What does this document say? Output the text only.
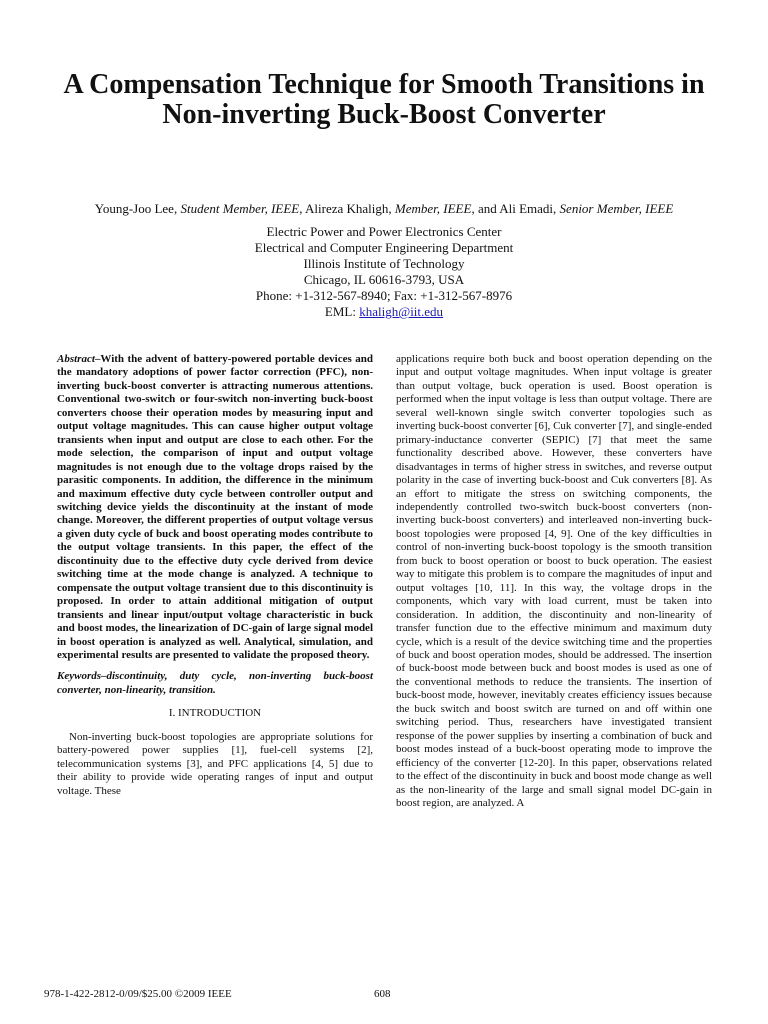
A Compensation Technique for Smooth Transitions in Non-inverting Buck-Boost Converter
Young-Joo Lee, Student Member, IEEE, Alireza Khaligh, Member, IEEE, and Ali Emadi, Senior Member, IEEE
Electric Power and Power Electronics Center
Electrical and Computer Engineering Department
Illinois Institute of Technology
Chicago, IL 60616-3793, USA
Phone: +1-312-567-8940; Fax: +1-312-567-8976
EML: khaligh@iit.edu

Abstract–With the advent of battery-powered portable devices and the mandatory adoptions of power factor correction (PFC), non-inverting buck-boost converter is attracting numerous attentions. Conventional two-switch or four-switch non-inverting buck-boost converters choose their operation modes by measuring input and output voltage magnitudes. This can cause higher output voltage transients when input and output are close to each other. For the mode selection, the comparison of input and output voltage magnitudes is not enough due to the voltage drops raised by the parasitic components. In addition, the difference in the minimum and maximum effective duty cycle between controller output and switching device yields the discontinuity at the instant of mode change. Moreover, the different properties of output voltage versus a given duty cycle of buck and boost operating modes contribute to the output voltage transients. In this paper, the effect of the discontinuity due to the effective duty cycle derived from device switching time at the mode change is analyzed. A technique to compensate the output voltage transient due to this discontinuity is proposed. In order to attain additional mitigation of output transients and linear input/output voltage characteristic in buck and boost modes, the linearization of DC-gain of large signal model in boost operation is analyzed as well. Analytical, simulation, and experimental results are presented to validate the proposed theory.

Keywords–discontinuity, duty cycle, non-inverting buck-boost converter, non-linearity, transition.

I. INTRODUCTION

Non-inverting buck-boost topologies are appropriate solutions for battery-powered power supplies [1], fuel-cell systems [2], telecommunication systems [3], and PFC applications [4, 5] due to their ability to provide wide operating ranges of input and output voltage. These

applications require both buck and boost operation depending on the input and output voltage magnitudes. When input voltage is greater than output voltage, buck operation is used. Boost operation is performed when the input voltage is less than output voltage. There are several well-known single switch converter topologies such as inverting buck-boost converter [6], Cuk converter [7], and single-ended primary-inductance converter (SEPIC) [7] that meet the same functionality described above. However, these converters have disadvantages in terms of higher stress in switches, and reverse output polarity in the case of inverting buck-boost and Cuk converters [8]. As an effort to mitigate the stress on switching components, the independently controlled two-switch buck-boost converters (non-inverting buck-boost converters) and interleaved non-inverting buck-boost topologies were proposed [4, 9]. One of the key difficulties in control of non-inverting buck-boost topology is the smooth transition from buck to boost operation or boost to buck operation. The easiest way to mitigate this problem is to compare the magnitudes of input and output voltages [10, 11]. In this way, the voltage drops in the components, which vary with load current, must be taken into consideration. In addition, the discontinuity and non-linearity of transfer function due to the effective minimum and maximum duty cycle, which is a result of the device switching time and the properties of buck and boost operation modes, should be addressed. The insertion of buck-boost mode between buck and boost modes is used as one of the conventional methods to reduce the transients. The insertion of buck-boost mode, however, inevitably creates efficiency issues because the buck switch and boost switch are turned on and off within one switching period. Thus, researchers have investigated transient response of the power supplies by inserting a combination of buck and boost modes instead of a buck-boost operating mode to improve the efficiency of the converter [12-20]. In this paper, observations related to the effect of the discontinuity in buck and boost mode change as well as the non-linearity of the large and small signal model DC-gain in boost region, are analyzed. A

978-1-422-2812-0/09/$25.00 ©2009 IEEE	608
